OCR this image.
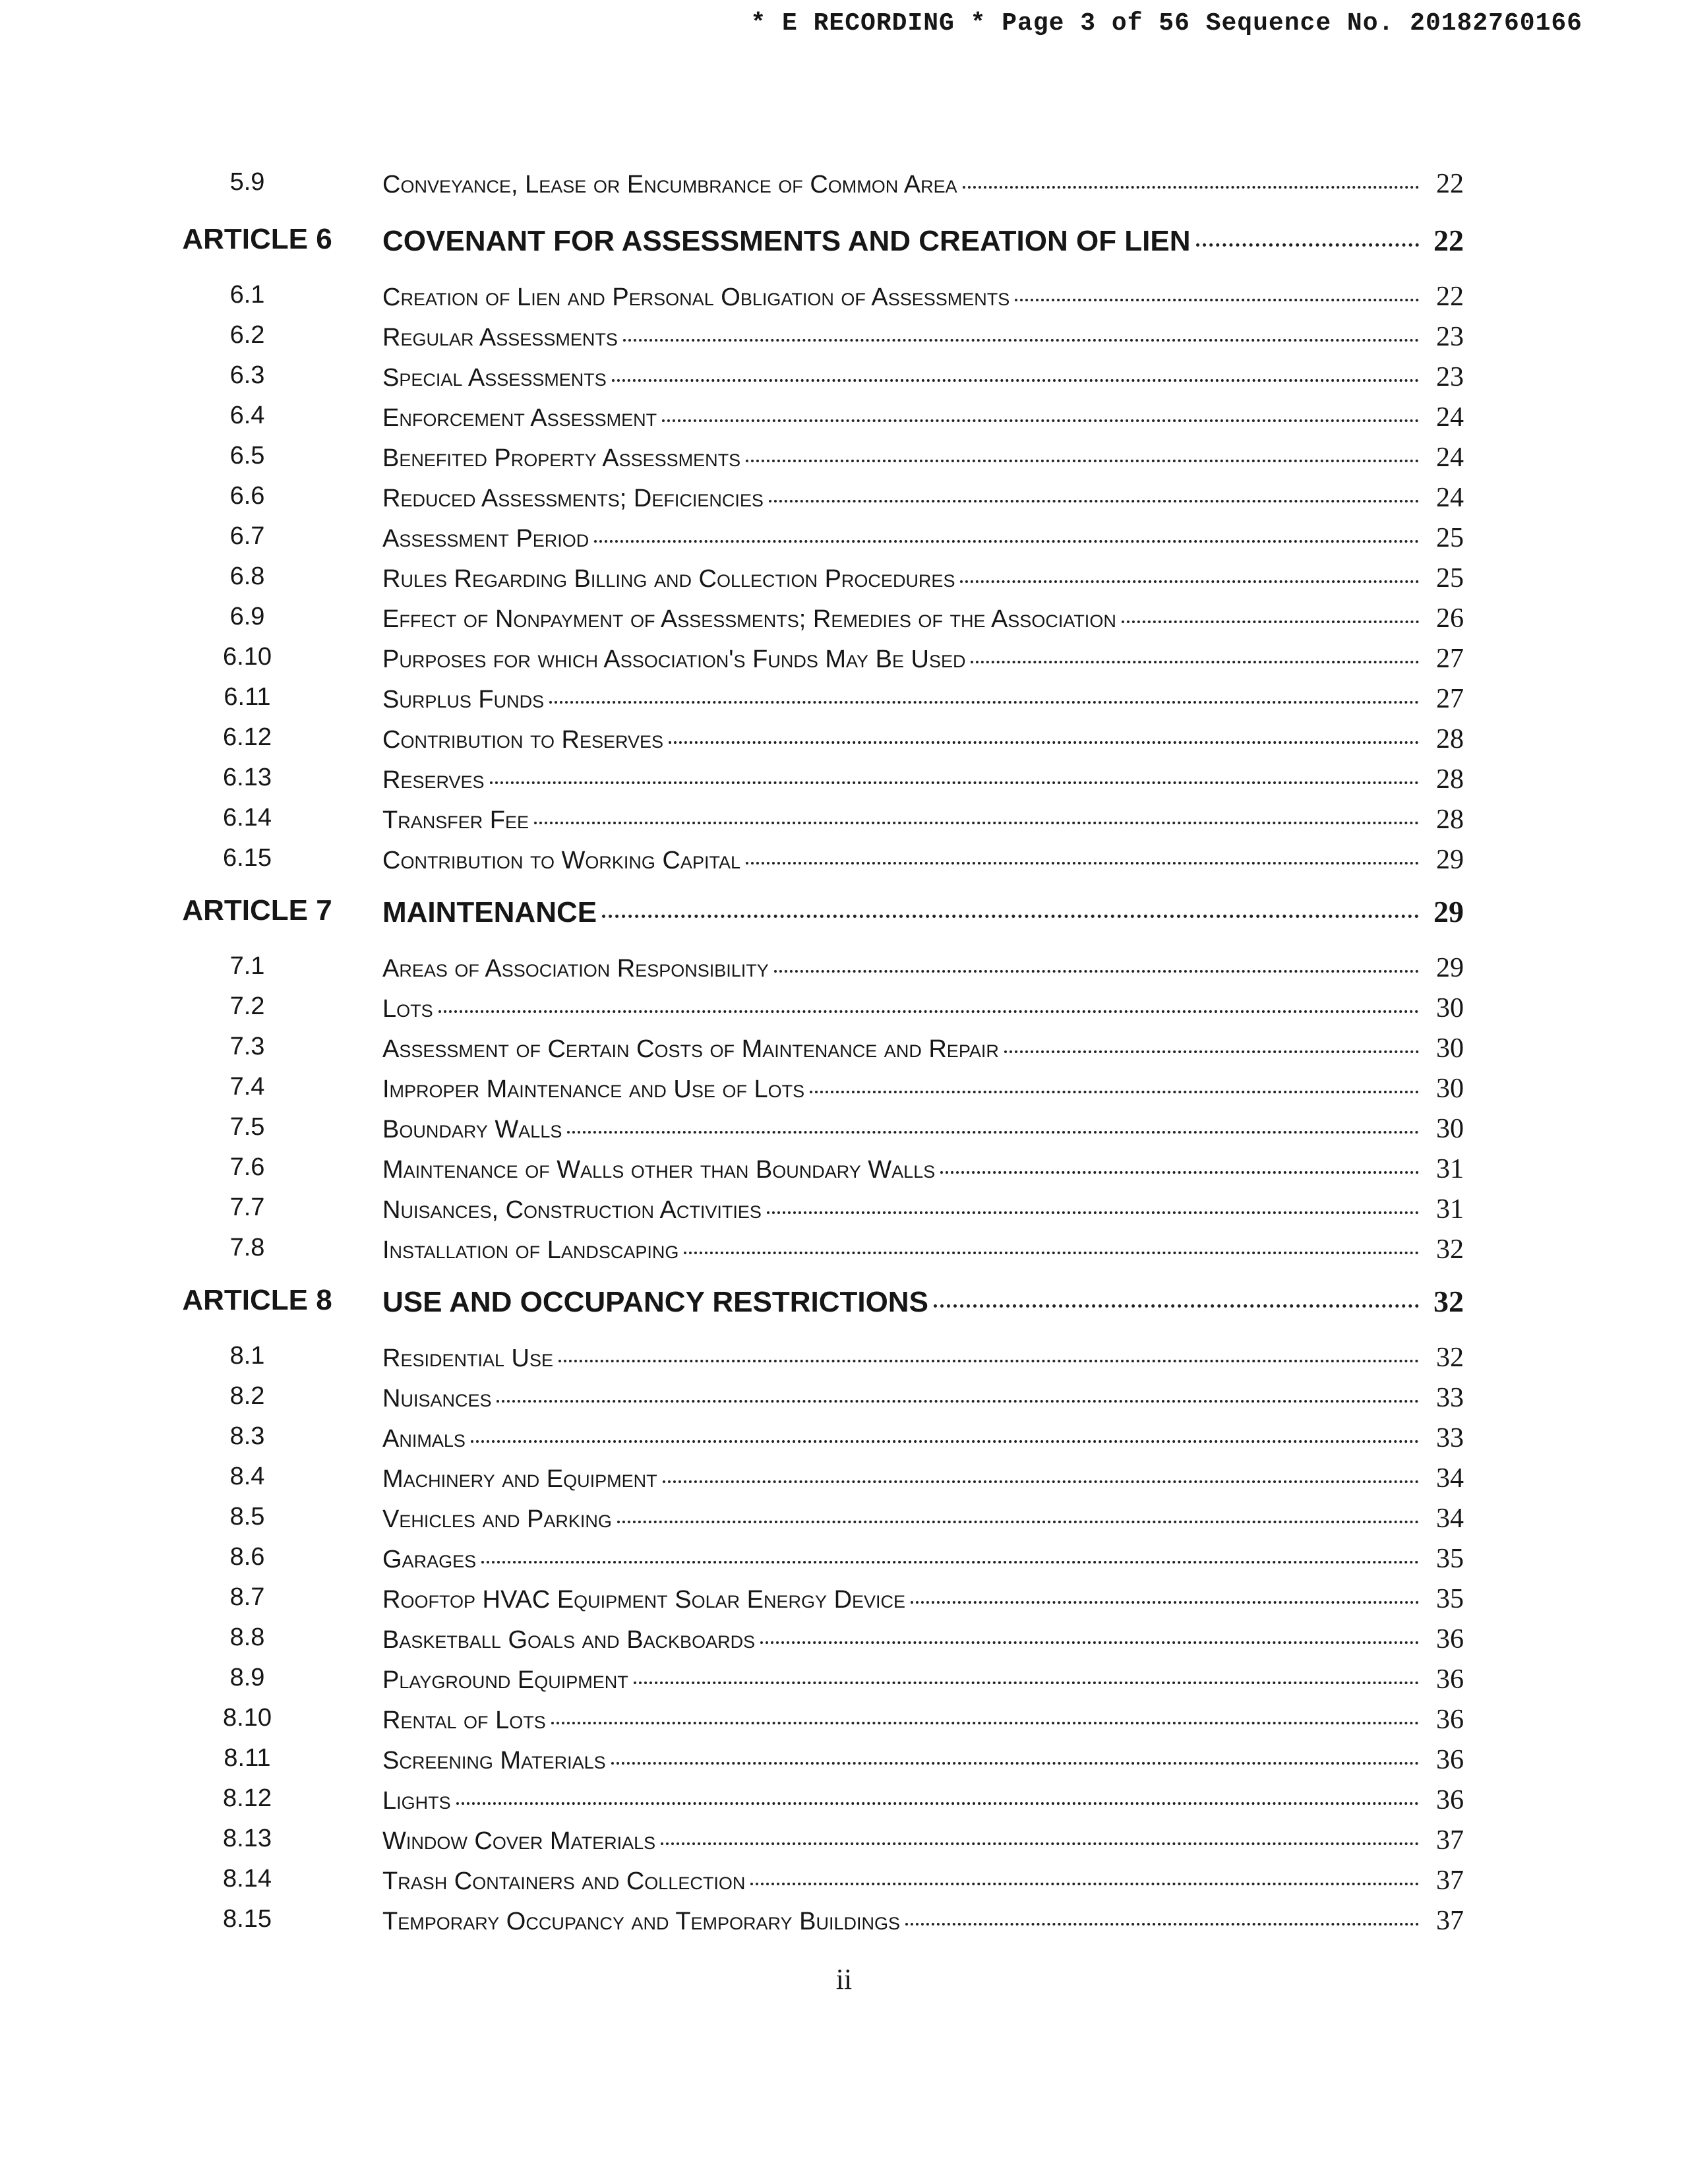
* E RECORDING * Page 3 of 56 Sequence No. 20182760166
5.9	Conveyance, Lease or Encumbrance of Common Area	22
ARTICLE 6	COVENANT FOR ASSESSMENTS AND CREATION OF LIEN	22
6.1	Creation of Lien and Personal Obligation of Assessments	22
6.2	Regular Assessments	23
6.3	Special Assessments	23
6.4	Enforcement Assessment	24
6.5	Benefited Property Assessments	24
6.6	Reduced Assessments; Deficiencies	24
6.7	Assessment Period	25
6.8	Rules Regarding Billing and Collection Procedures	25
6.9	Effect of Nonpayment of Assessments; Remedies of the Association	26
6.10	Purposes for which Association's Funds May Be Used	27
6.11	Surplus Funds	27
6.12	Contribution to Reserves	28
6.13	Reserves	28
6.14	Transfer Fee	28
6.15	Contribution to Working Capital	29
ARTICLE 7	MAINTENANCE	29
7.1	Areas of Association Responsibility	29
7.2	Lots	30
7.3	Assessment of Certain Costs of Maintenance and Repair	30
7.4	Improper Maintenance and Use of Lots	30
7.5	Boundary Walls	30
7.6	Maintenance of Walls other than Boundary Walls	31
7.7	Nuisances, Construction Activities	31
7.8	Installation of Landscaping	32
ARTICLE 8	USE AND OCCUPANCY RESTRICTIONS	32
8.1	Residential Use	32
8.2	Nuisances	33
8.3	Animals	33
8.4	Machinery and Equipment	34
8.5	Vehicles and Parking	34
8.6	Garages	35
8.7	Rooftop HVAC Equipment Solar Energy Device	35
8.8	Basketball Goals and Backboards	36
8.9	Playground Equipment	36
8.10	Rental of Lots	36
8.11	Screening Materials	36
8.12	Lights	36
8.13	Window Cover Materials	37
8.14	Trash Containers and Collection	37
8.15	Temporary Occupancy and Temporary Buildings	37
ii
